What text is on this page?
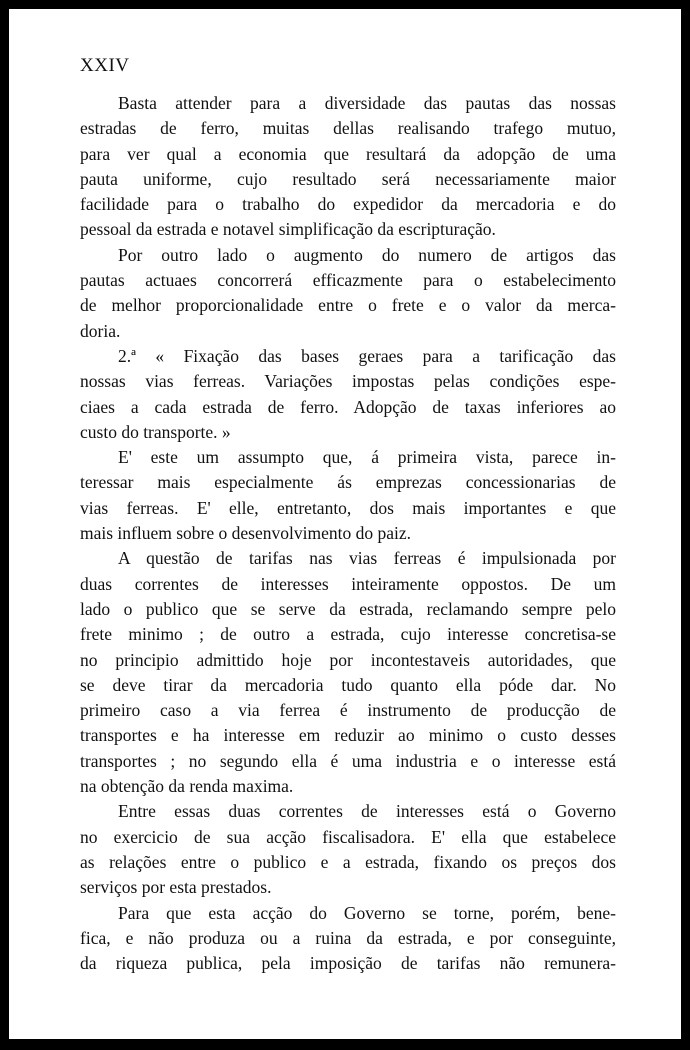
XXIV

Basta attender para a diversidade das pautas das nossas
estradas de ferro, muitas dellas realisando trafego mutuo,
para ver qual a economia que resultará da adopção de uma
pauta uniforme, cujo resultado será necessariamente maior
facilidade para o trabalho do expedidor da mercadoria e do
pessoal da estrada e notavel simplificação da escripturação.

Por outro lado o augmento do numero de artigos das
pautas actuaes concorrerá efficazmente para o estabelecimento
de melhor proporcionalidade entre o frete e o valor da merca-
doria.

2.ª « Fixação das bases geraes para a tarificação das
nossas vias ferreas. Variações impostas pelas condições espe-
ciaes a cada estrada de ferro. Adopção de taxas inferiores ao
custo do transporte. »

E' este um assumpto que, á primeira vista, parece in-
teressar mais especialmente ás emprezas concessionarias de
vias ferreas. E' elle, entretanto, dos mais importantes e que
mais influem sobre o desenvolvimento do paiz.

A questão de tarifas nas vias ferreas é impulsionada por
duas correntes de interesses inteiramente oppostos. De um
lado o publico que se serve da estrada, reclamando sempre pelo
frete minimo ; de outro a estrada, cujo interesse concretisa-se
no principio admittido hoje por incontestaveis autoridades, que
se deve tirar da mercadoria tudo quanto ella póde dar. No
primeiro caso a via ferrea é instrumento de producção de
transportes e ha interesse em reduzir ao minimo o custo desses
transportes ; no segundo ella é uma industria e o interesse está
na obtenção da renda maxima.

Entre essas duas correntes de interesses está o Governo
no exercicio de sua acção fiscalisadora. E' ella que estabelece
as relações entre o publico e a estrada, fixando os preços dos
serviços por esta prestados.

Para que esta acção do Governo se torne, porém, bene-
fica, e não produza ou a ruina da estrada, e por conseguinte,
da riqueza publica, pela imposição de tarifas não remunera-
